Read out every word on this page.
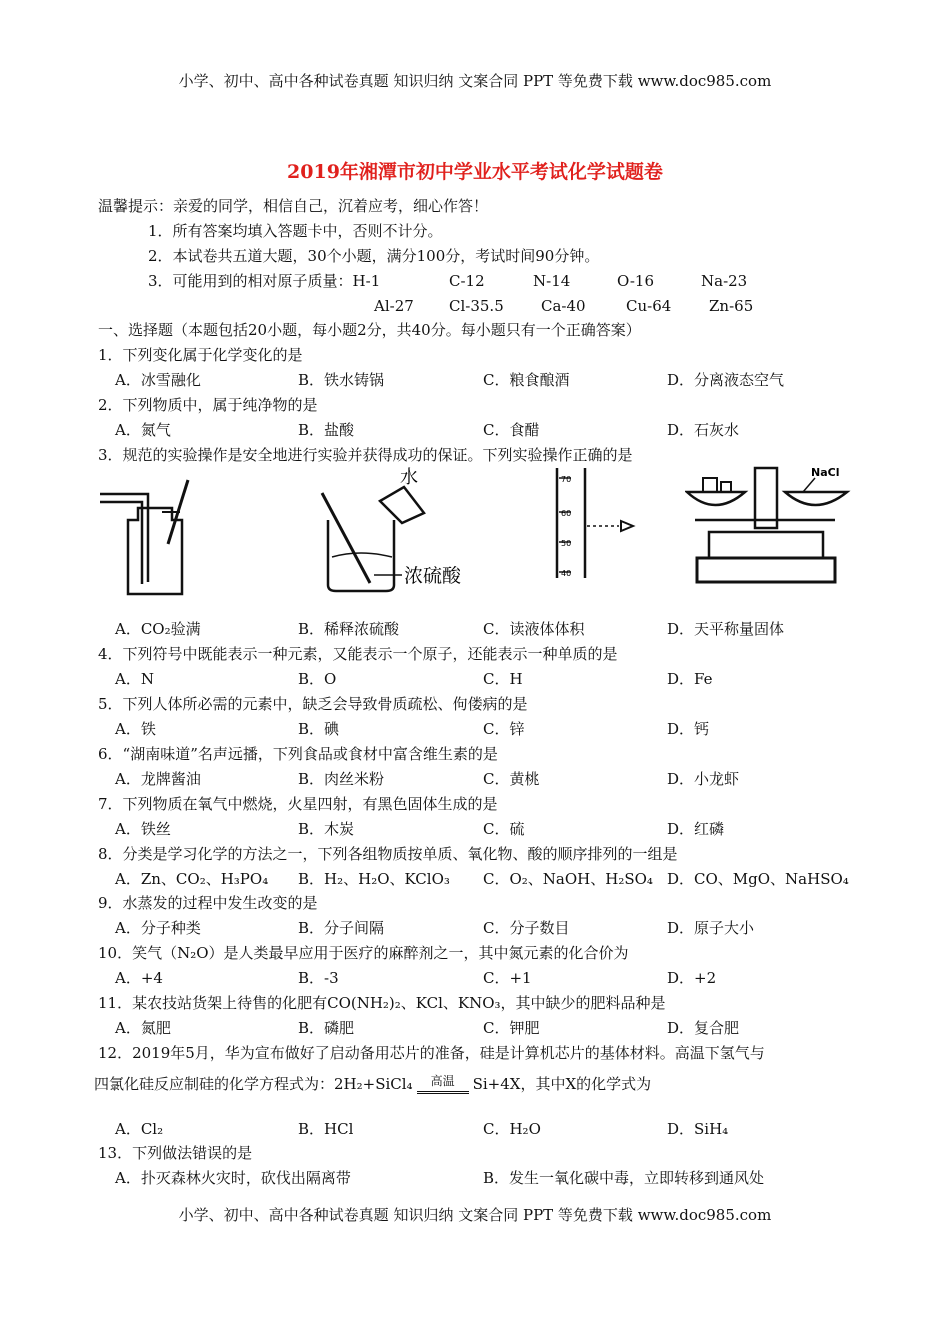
小学、初中、高中各种试卷真题 知识归纳 文案合同 PPT 等免费下载 www.doc985.com
2019年湘潭市初中学业水平考试化学试题卷
温馨提示：亲爱的同学，相信自己，沉着应考，细心作答！
1．所有答案均填入答题卡中，否则不计分。
2．本试卷共五道大题，30个小题，满分100分，考试时间90分钟。
3．可能用到的相对原子质量：H-1	C-12	N-14	O-16	Na-23
Al-27 Cl-35.5 Ca-40	Cu-64	Zn-65
一、选择题（本题包括20小题，每小题2分，共40分。每小题只有一个正确答案）
1．下列变化属于化学变化的是
A．冰雪融化	B．铁水铸锅	C．粮食酿酒	D．分离液态空气
2．下列物质中，属于纯净物的是
A．氮气	B．盐酸	C．食醋	D．石灰水
3．规范的实验操作是安全地进行实验并获得成功的保证。下列实验操作正确的是
水
浓硫酸
70
60
50
40
NaCl
A．CO₂验满	B．稀释浓硫酸	C．读液体体积	D．天平称量固体
4．下列符号中既能表示一种元素，又能表示一个原子，还能表示一种单质的是
A．N	B．O	C．H	D．Fe
5．下列人体所必需的元素中，缺乏会导致骨质疏松、佝偻病的是
A．铁	B．碘	C．锌	D．钙
6．“湖南味道”名声远播，下列食品或食材中富含维生素的是
A．龙牌酱油	B．肉丝米粉	C．黄桃	D．小龙虾
7．下列物质在氧气中燃烧，火星四射，有黑色固体生成的是
A．铁丝	B．木炭	C．硫	D．红磷
8．分类是学习化学的方法之一，下列各组物质按单质、氧化物、酸的顺序排列的一组是
A．Zn、CO₂、H₃PO₄ B．H₂、H₂O、KClO₃ C．O₂、NaOH、H₂SO₄ D．CO、MgO、NaHSO₄
9．水蒸发的过程中发生改变的是
A．分子种类	B．分子间隔	C．分子数目	D．原子大小
10．笑气（N₂O）是人类最早应用于医疗的麻醉剂之一，其中氮元素的化合价为
A．+4	B．-3	C．+1	D．+2
11．某农技站货架上待售的化肥有CO(NH₂)₂、KCl、KNO₃，其中缺少的肥料品种是
A．氮肥	B．磷肥	C．钾肥	D．复合肥
12．2019年5月，华为宣布做好了启动备用芯片的准备，硅是计算机芯片的基体材料。高温下氢气与
四氯化硅反应制硅的化学方程式为：2H₂+SiCl₄ $^{高温}$ Si+4X，其中X的化学式为
A．Cl₂	B．HCl	C．H₂O	D．SiH₄
13．下列做法错误的是
A．扑灭森林火灾时，砍伐出隔离带	B．发生一氧化碳中毒，立即转移到通风处
小学、初中、高中各种试卷真题 知识归纳 文案合同 PPT 等免费下载 www.doc985.com
